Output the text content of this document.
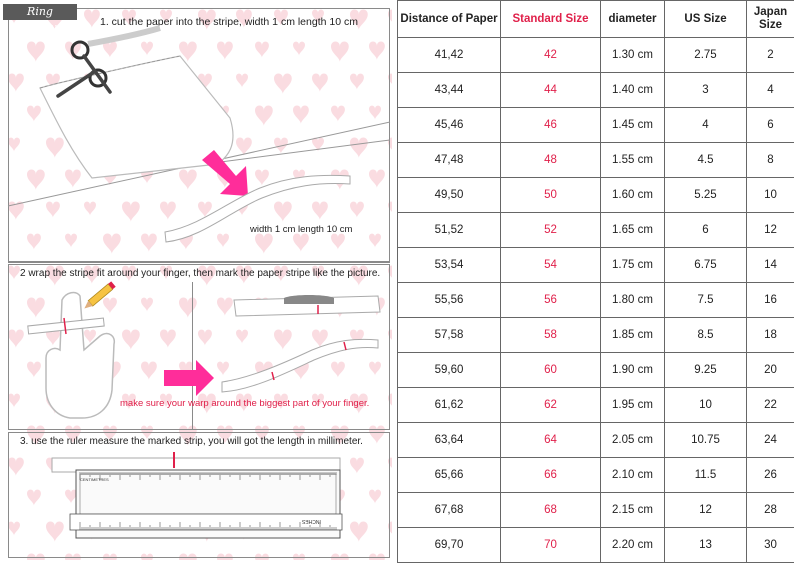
Ring Engrave	1. cut the paper into the stripe, width 1 cm length 10 cm
width 1 cm length 10 cm
2 wrap the stripe fit around your finger, then mark the paper stripe like the picture.
make sure your warp around the biggest part of your finger.
3. use the ruler measure the marked strip, you will got the length in millimeter.
CENTIMETRES
INCHES
Distance of Paper	Standard Size	diameter	US Size	Japan Size
41,42	42	1.30 cm	2.75	2
43,44	44	1.40 cm	3	4
45,46	46	1.45 cm	4	6
47,48	48	1.55 cm	4.5	8
49,50	50	1.60 cm	5.25	10
51,52	52	1.65 cm	6	12
53,54	54	1.75 cm	6.75	14
55,56	56	1.80 cm	7.5	16
57,58	58	1.85 cm	8.5	18
59,60	60	1.90 cm	9.25	20
61,62	62	1.95 cm	10	22
63,64	64	2.05 cm	10.75	24
65,66	66	2.10 cm	11.5	26
67,68	68	2.15 cm	12	28
69,70	70	2.20 cm	13	30
